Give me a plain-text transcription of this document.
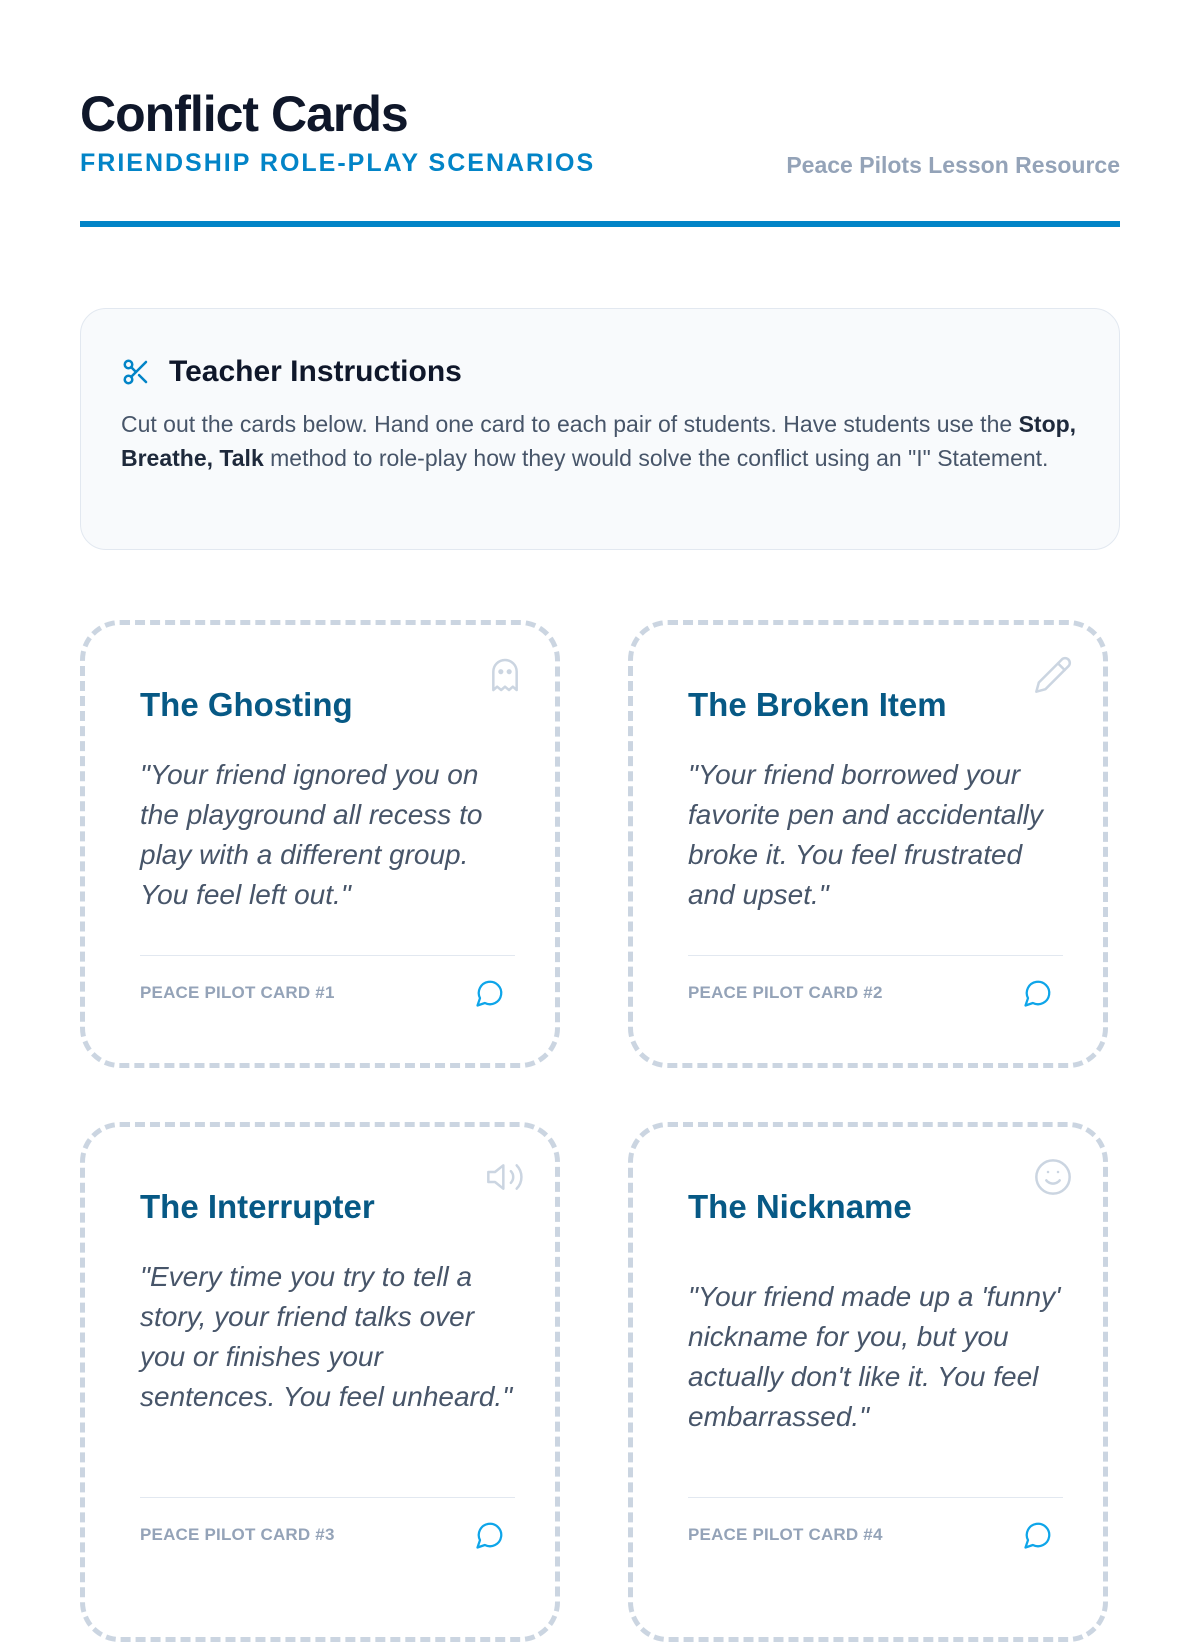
Conflict Cards
FRIENDSHIP ROLE-PLAY SCENARIOS	Peace Pilots Lesson Resource
Teacher Instructions
Cut out the cards below. Hand one card to each pair of students. Have students use the Stop, Breathe, Talk method to role-play how they would solve the conflict using an "I" Statement.
The Ghosting
"Your friend ignored you on the playground all recess to play with a different group. You feel left out."
PEACE PILOT CARD #1
The Broken Item
"Your friend borrowed your favorite pen and accidentally broke it. You feel frustrated and upset."
PEACE PILOT CARD #2
The Interrupter
"Every time you try to tell a story, your friend talks over you or finishes your sentences. You feel unheard."
PEACE PILOT CARD #3
The Nickname
"Your friend made up a 'funny' nickname for you, but you actually don't like it. You feel embarrassed."
PEACE PILOT CARD #4
